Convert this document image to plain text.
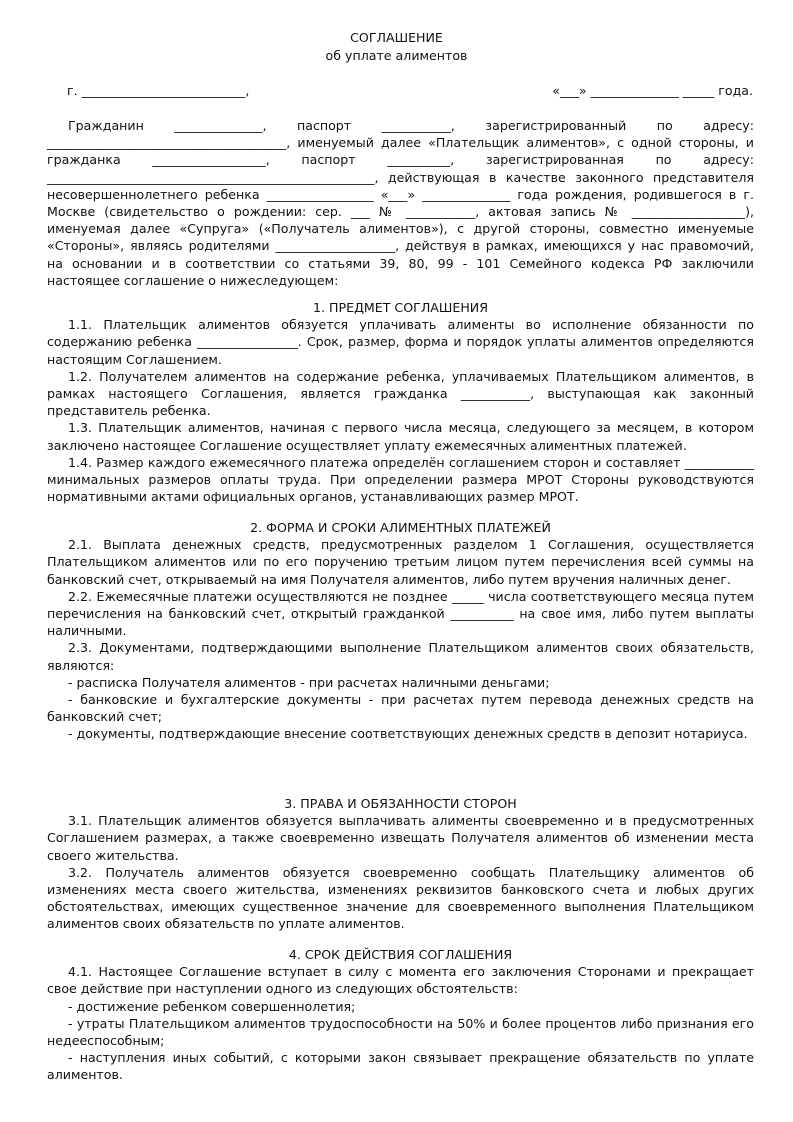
СОГЛАШЕНИЕ
об уплате алиментов
г. __________________________,	«___» ______________ _____ года.

Гражданин ______________, паспорт ___________, зарегистрированный по адресу: ______________________________________, именуемый далее «Плательщик алиментов», с одной стороны, и гражданка __________________, паспорт __________, зарегистрированная по адресу: ____________________________________________________, действующая в качестве законного представителя несовершеннолетнего ребенка _________________ «___» ______________ года рождения, родившегося в г. Москве (свидетельство о рождении: сер. ___ № ___________, актовая запись № __________________), именуемая далее «Супруга» («Получатель алиментов»), с другой стороны, совместно именуемые «Стороны», являясь родителями ___________________, действуя в рамках, имеющихся у нас правомочий, на основании и в соответствии со статьями 39, 80, 99 - 101 Семейного кодекса РФ заключили настоящее соглашение о нижеследующем:

1. ПРЕДМЕТ СОГЛАШЕНИЯ

1.1. Плательщик алиментов обязуется уплачивать алименты во исполнение обязанности по содержанию ребенка ________________. Срок, размер, форма и порядок уплаты алиментов определяются настоящим Соглашением.

1.2. Получателем алиментов на содержание ребенка, уплачиваемых Плательщиком алиментов, в рамках настоящего Соглашения, является гражданка ___________, выступающая как законный представитель ребенка.

1.3. Плательщик алиментов, начиная с первого числа месяца, следующего за месяцем, в котором заключено настоящее Соглашение осуществляет уплату ежемесячных алиментных платежей.

1.4. Размер каждого ежемесячного платежа определён соглашением сторон и составляет ___________ минимальных размеров оплаты труда. При определении размера МРОТ Стороны руководствуются нормативными актами официальных органов, устанавливающих размер МРОТ.

2. ФОРМА И СРОКИ АЛИМЕНТНЫХ ПЛАТЕЖЕЙ

2.1. Выплата денежных средств, предусмотренных разделом 1 Соглашения, осуществляется Плательщиком алиментов или по его поручению третьим лицом путем перечисления всей суммы на банковский счет, открываемый на имя Получателя алиментов, либо путем вручения наличных денег.

2.2. Ежемесячные платежи осуществляются не позднее _____ числа соответствующего месяца путем перечисления на банковский счет, открытый гражданкой __________ на свое имя, либо путем выплаты наличными.

2.3. Документами, подтверждающими выполнение Плательщиком алиментов своих обязательств, являются:

- расписка Получателя алиментов - при расчетах наличными деньгами;

- банковские и бухгалтерские документы - при расчетах путем перевода денежных средств на банковский счет;

- документы, подтверждающие внесение соответствующих денежных средств в депозит нотариуса.

3. ПРАВА И ОБЯЗАННОСТИ СТОРОН

3.1. Плательщик алиментов обязуется выплачивать алименты своевременно и в предусмотренных Соглашением размерах, а также своевременно извещать Получателя алиментов об изменении места своего жительства.

3.2. Получатель алиментов обязуется своевременно сообщать Плательщику алиментов об изменениях места своего жительства, изменениях реквизитов банковского счета и любых других обстоятельствах, имеющих существенное значение для своевременного выполнения Плательщиком алиментов своих обязательств по уплате алиментов.

4. СРОК ДЕЙСТВИЯ СОГЛАШЕНИЯ

4.1. Настоящее Соглашение вступает в силу с момента его заключения Сторонами и прекращает свое действие при наступлении одного из следующих обстоятельств:

- достижение ребенком совершеннолетия;

- утраты Плательщиком алиментов трудоспособности на 50% и более процентов либо признания его недееспособным;

- наступления иных событий, с которыми закон связывает прекращение обязательств по уплате алиментов.
